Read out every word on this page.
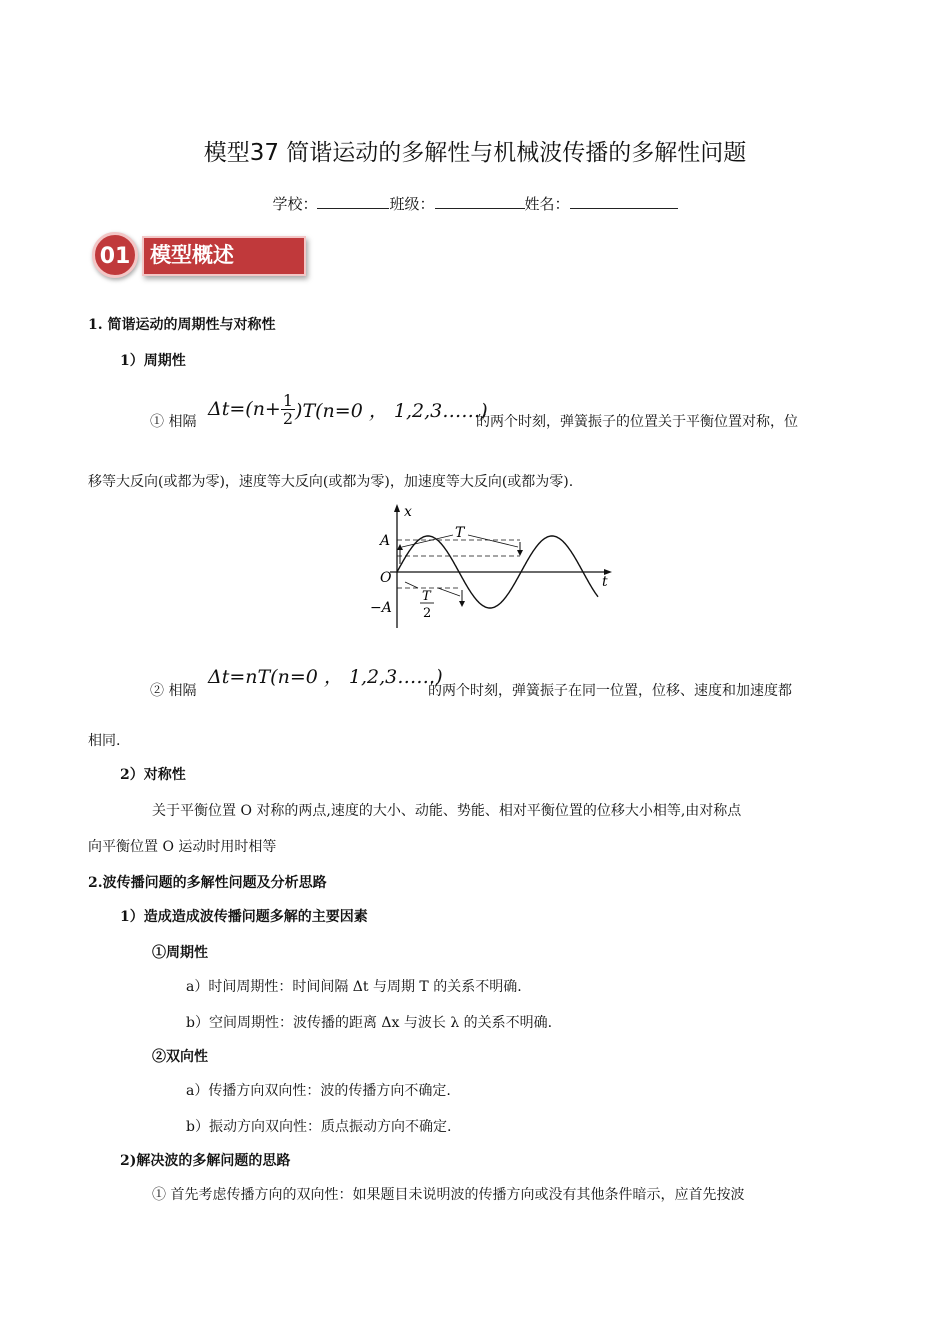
模型37 简谐运动的多解性与机械波传播的多解性问题
学校：	班级：	姓名：
01 模型概述
1. 简谐运动的周期性与对称性
1）周期性
① 相隔
$\Delta t=(n+ \frac{1}{2} )T(n=0$ ， 1,2,3……)
的两个时刻，弹簧振子的位置关于平衡位置对称，位
移等大反向(或都为零)，速度等大反向(或都为零)，加速度等大反向(或都为零).
x
t
A
O
−A
T
T
2
② 相隔
Δt=nT(n=0 ， 1,2,3……)
的两个时刻，弹簧振子在同一位置，位移、速度和加速度都
相同.
2）对称性
关于平衡位置 O 对称的两点,速度的大小、动能、势能、相对平衡位置的位移大小相等,由对称点
向平衡位置 O 运动时用时相等
2.波传播问题的多解性问题及分析思路
1）造成造成波传播问题多解的主要因素
①周期性
a）时间周期性：时间间隔 Δt 与周期 T 的关系不明确.
b）空间周期性：波传播的距离 Δx 与波长 λ 的关系不明确.
②双向性
a）传播方向双向性：波的传播方向不确定.
b）振动方向双向性：质点振动方向不确定.
2)解决波的多解问题的思路
① 首先考虑传播方向的双向性：如果题目未说明波的传播方向或没有其他条件暗示，应首先按波
